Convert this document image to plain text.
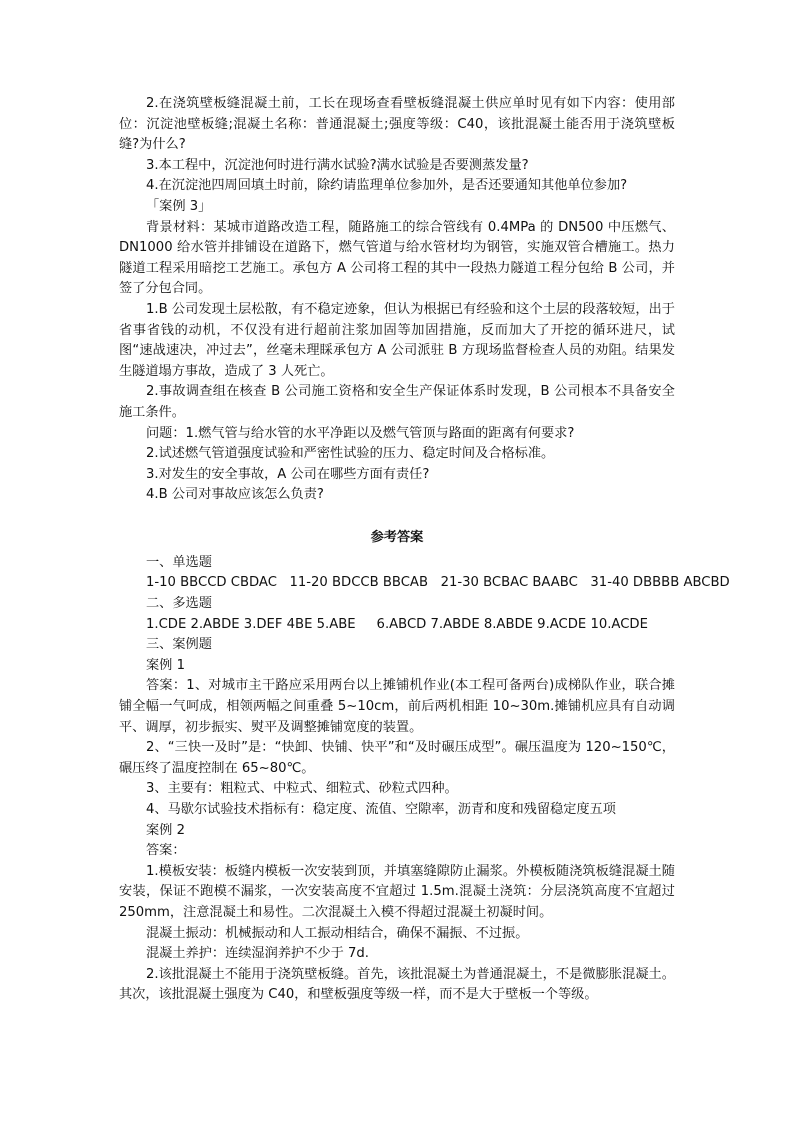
2.在浇筑壁板缝混凝土前，工长在现场查看壁板缝混凝土供应单时见有如下内容：使用部位：沉淀池壁板缝;混凝土名称：普通混凝土;强度等级：C40，该批混凝土能否用于浇筑壁板缝?为什么?

3.本工程中，沉淀池何时进行满水试验?满水试验是否要测蒸发量?

4.在沉淀池四周回填土时前，除约请监理单位参加外，是否还要通知其他单位参加?

「案例 3」

背景材料：某城市道路改造工程，随路施工的综合管线有 0.4MPa 的 DN500 中压燃气、DN1000 给水管并排铺设在道路下，燃气管道与给水管材均为钢管，实施双管合槽施工。热力隧道工程采用暗挖工艺施工。承包方 A 公司将工程的其中一段热力隧道工程分包给 B 公司，并签了分包合同。

1.B 公司发现土层松散，有不稳定迹象，但认为根据已有经验和这个土层的段落较短，出于省事省钱的动机，不仅没有进行超前注浆加固等加固措施，反而加大了开挖的循环进尺，试图“速战速决，冲过去”，丝毫未理睬承包方 A 公司派驻 B 方现场监督检查人员的劝阻。结果发生隧道塌方事故，造成了 3 人死亡。

2.事故调查组在核查 B 公司施工资格和安全生产保证体系时发现，B 公司根本不具备安全施工条件。

问题：1.燃气管与给水管的水平净距以及燃气管顶与路面的距离有何要求?

2.试述燃气管道强度试验和严密性试验的压力、稳定时间及合格标准。

3.对发生的安全事故，A 公司在哪些方面有责任?

4.B 公司对事故应该怎么负责?

参考答案

一、单选题

1-10 BBCCD CBDAC   11-20 BDCCB BBCAB   21-30 BCBAC BAABC   31-40 DBBBB ABCBD

二、多选题

1.CDE 2.ABDE 3.DEF 4BE 5.ABE     6.ABCD 7.ABDE 8.ABDE 9.ACDE 10.ACDE

三、案例题

案例 1

答案：1、对城市主干路应采用两台以上摊铺机作业(本工程可备两台)成梯队作业，联合摊铺全幅一气呵成，相领两幅之间重叠 5~10cm，前后两机相距 10~30m.摊铺机应具有自动调平、调厚，初步振实、熨平及调整摊铺宽度的装置。

2、“三快一及时”是：“快卸、快铺、快平”和“及时碾压成型”。碾压温度为 120~150℃，碾压终了温度控制在 65~80℃。

3、主要有：粗粒式、中粒式、细粒式、砂粒式四种。

4、马歇尔试验技术指标有：稳定度、流值、空隙率，沥青和度和残留稳定度五项

案例 2

答案：

1.模板安装：板缝内模板一次安装到顶，并填塞缝隙防止漏浆。外模板随浇筑板缝混凝土随安装，保证不跑模不漏浆，一次安装高度不宜超过 1.5m.混凝土浇筑：分层浇筑高度不宜超过 250mm，注意混凝土和易性。二次混凝土入模不得超过混凝土初凝时间。

混凝土振动：机械振动和人工振动相结合，确保不漏振、不过振。

混凝土养护：连续湿润养护不少于 7d.

2.该批混凝土不能用于浇筑壁板缝。首先，该批混凝土为普通混凝土，不是微膨胀混凝土。其次，该批混凝土强度为 C40，和壁板强度等级一样，而不是大于壁板一个等级。
